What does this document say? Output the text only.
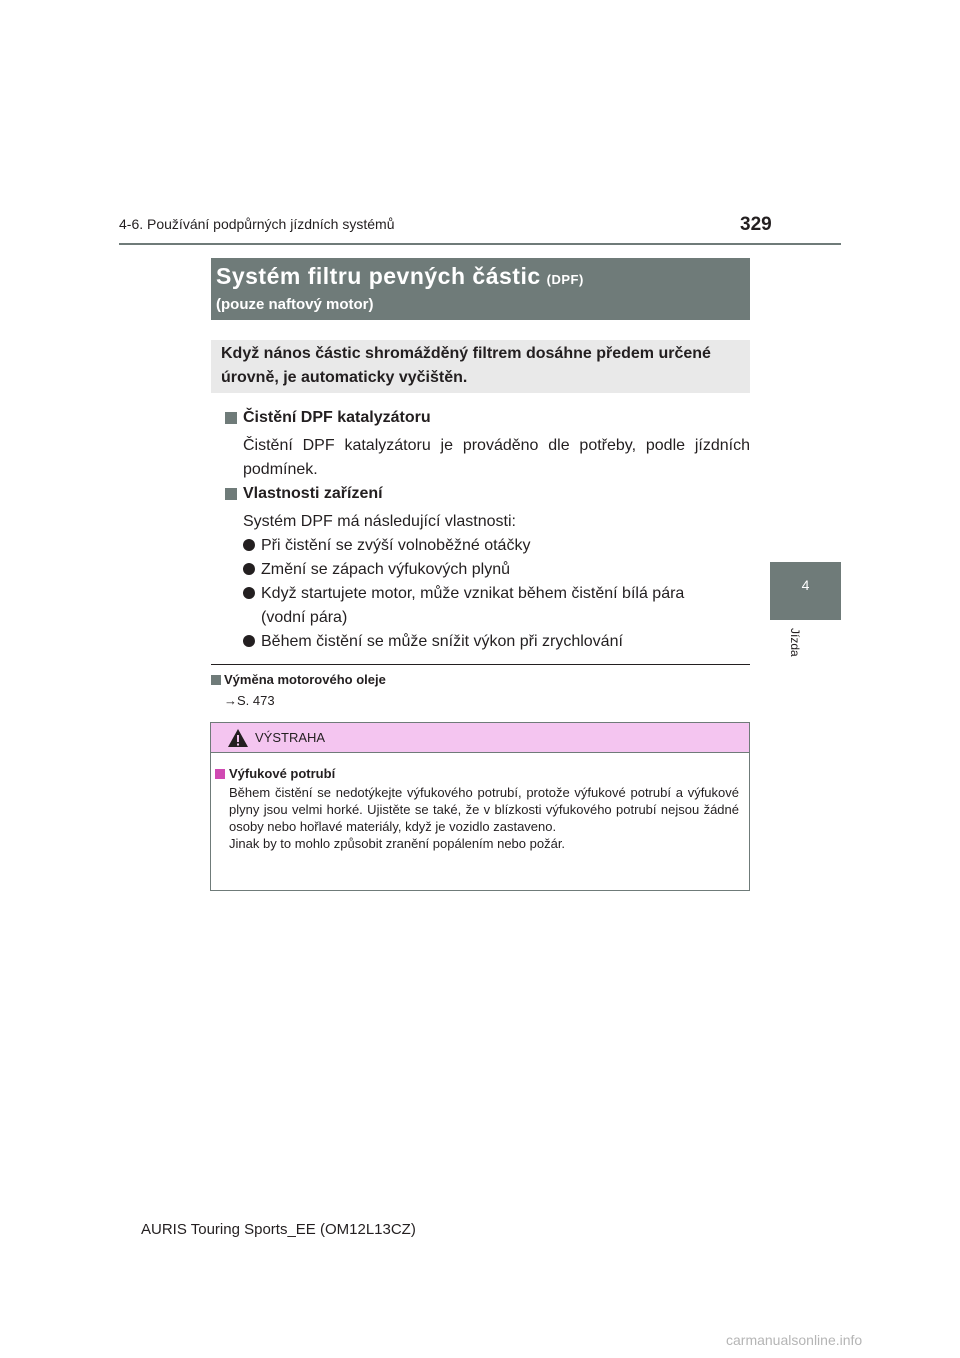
4-6. Používání podpůrných jízdních systémů	329
4
Jízda
Systém filtru pevných částic (DPF)
(pouze naftový motor)
Když nános částic shromážděný filtrem dosáhne předem určené úrovně, je automaticky vyčištěn.
Čistění DPF katalyzátoru
Čistění DPF katalyzátoru je prováděno dle potřeby, podle jízdních podmínek.
Vlastnosti zařízení
Systém DPF má následující vlastnosti:
Při čistění se zvýší volnoběžné otáčky
Změní se zápach výfukových plynů
Když startujete motor, může vznikat během čistění bílá pára (vodní pára)
Během čistění se může snížit výkon při zrychlování
Výměna motorového oleje
→S. 473
VÝSTRAHA
Výfukové potrubí
Během čistění se nedotýkejte výfukového potrubí, protože výfukové potrubí a výfukové plyny jsou velmi horké. Ujistěte se také, že v blízkosti výfukového potrubí nejsou žádné osoby nebo hořlavé materiály, když je vozidlo zastaveno.
Jinak by to mohlo způsobit zranění popálením nebo požár.
AURIS Touring Sports_EE (OM12L13CZ)
carmanualsonline.info
